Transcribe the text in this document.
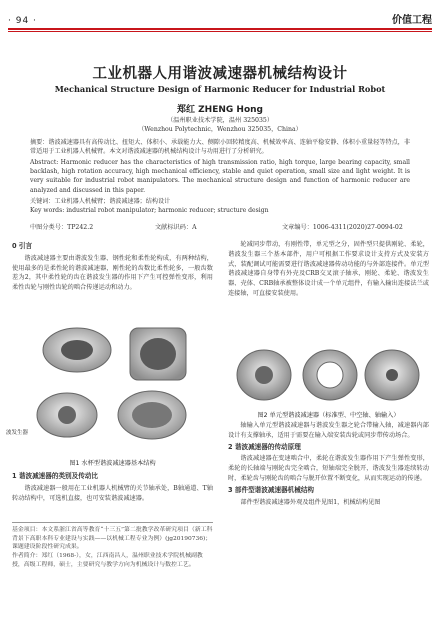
· 94 ·	价值工程
工业机器人用谐波减速器机械结构设计
Mechanical Structure Design of Harmonic Reducer for Industrial Robot
郑红 ZHENG Hong
（温州职业技术学院，温州 325035）
（Wenzhou Polytechnic，Wenzhou 325035，China）
摘要：谐波减速器具有高传动比、扭矩大、体积小、承载能力大、侧隙小回转精度高、机械效率高、连轴平稳安静、体积小重量轻等特点，非常适用于工业机器人机械臂。本文对谐波减速器的机械结构设计与功用进行了分析研究。
Abstract: Harmonic reducer has the characteristics of high transmission ratio, high torque, large bearing capacity, small backlash, high rotation accuracy, high mechanical efficiency, stable and quiet operation, small size and light weight. It is very suitable for industrial robot manipulators. The mechanical structure design and function of harmonic reducer are analyzed and discussed in this paper.
关键词：工业机器人机械臂；谐波减速器；结构设计
Key words: industrial robot manipulator; harmonic reducer; structure design
中图分类号：TP242.2	文献标识码：A	文章编号：1006-4311(2020)27-0094-02
0 引言
谐波减速器主要由谐波发生器、钢性轮和柔性轮构成，有两种结构，使用最多的是柔性轮的谐波减速器，刚性轮的齿数比柔性轮多，一般齿数差为2，其中柔性轮的齿在谐波发生器的作用下产生可控弹性变形，利用柔性齿轮与刚性齿轮的啮合传递运动和动力。
波发生器
图1 水杯型谐波减速器基本结构
1 谐波减速器的类别及传动比
谐波减速器一般用在工业机器人机械臂的关节轴承处，B轴通道、T轴转动结构中，可选机直接，也可安装谐波减速器。
基金项目：本文系浙江省高等教育“十三五”第二批教学改革研究项目（新工科背景下高职本科专业建设与实践——以机械工程专业为例）(jg20190736)；课题建设阶段性研究成果。
作者简介：郑红（1968-），女，江西南昌人，温州职业技术学院机械副教授，高级工程师，硕士，主要研究与教学方向为机械设计与数控工艺。
轮减同步带动，有刚性带，单元型之分，固件型只提供刚轮、柔轮，谐波发生器三个基本部件，用户可根据工作要求设计支持方式及安装方式，装配调试可能需要进行谐波减速器传动功能的与外部连接件。单元型谐波减速器自身带有外壳及CRB交叉滚子轴承，刚轮、柔轮、谐波发生器、壳体、CRB轴承被整体设计成一个单元组件，有输入输出连接法兰或连接轴，可直接安装使用。
图2 单元型谐波减速器（标准型、中空轴、轴输入）
轴输入单元型谐波减速器与谐波发生器之轮合带输入轴，减速器内部设计有支撑轴承，适用于需要在输入端安装齿轮或同步带传动场合。
2 谐波减速器的传动原理
谐波减速器在变速啮合中，柔轮在谐波发生器作用下产生弹性变形，柔轮的长轴端与刚轮齿完全啮合，短轴端完全脱开，谐波发生器连续转动时，柔轮齿与刚轮齿的啮合与脱开位置不断变化，从而实现运动的传递。
3 部件型谐波减速器机械结构
部件型谐波减速器外观及组件见图1，机械结构见图
